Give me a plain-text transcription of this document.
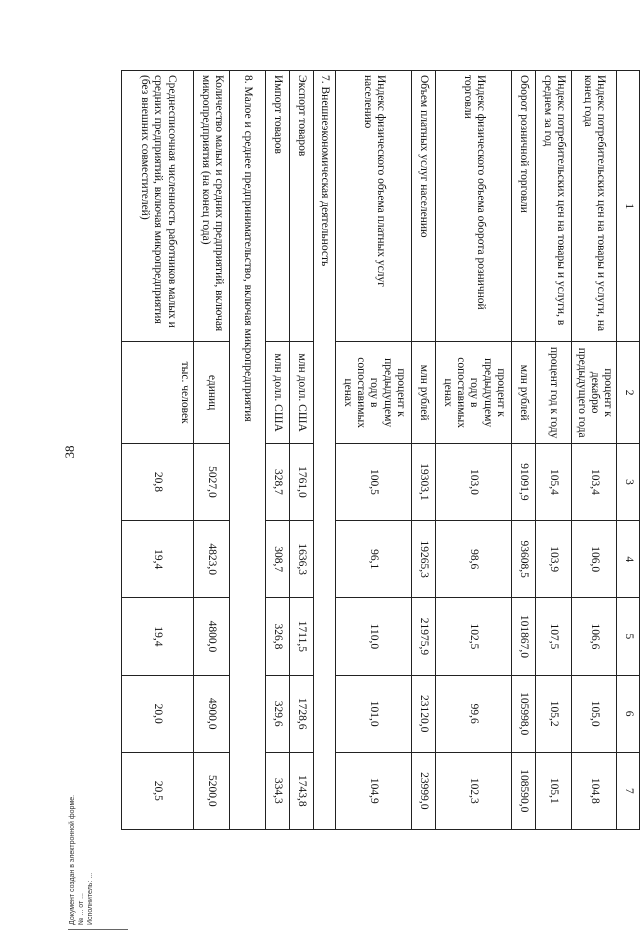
38
1	2	3	4	5	6	7
Индекс потребительских цен на товары и услуги, на конец года	процент к декабрю предыдущего года	103,4	106,0	106,6	105,0	104,8
Индекс потребительских цен на товары и услуги, в среднем за год	процент год к году	105,4	103,9	107,5	105,2	105,1
Оборот розничной торговли	млн рублей	91091,9	93608,5	101867,0	105998,0	108590,0
Индекс физического объема оборота розничной торговли	процент к предыдущему году в сопоставимых ценах	103,0	98,6	102,5	99,6	102,3
Объем платных услуг населению	млн рублей	19303,1	19265,3	21975,9	23120,0	23999,0
Индекс физического объема платных услуг населению	процент к предыдущему году в сопоставимых ценах	100,5	96,1	110,0	101,0	104,9
7. Внешнеэкономическая деятельность						
Экспорт товаров	млн долл. США	1761,0	1636,3	1711,5	1728,6	1743,8
Импорт товаров	млн долл. США	328,7	308,7	326,8	329,6	334,3
8. Малое и среднее предпринимательство, включая микропредприятия						
Количество малых и средних предприятий, включая микропредприятия (на конец года)	единиц	5027,0	4823,0	4800,0	4900,0	5200,0
Среднесписочная численность работников малых и средних предприятий, включая микропредприятия (без внешних совместителей)	тыс. человек	20,8	19,4	19,4	20,0	20,5
Документ создан в электронной форме. № ... от ... Исполнитель: ...
